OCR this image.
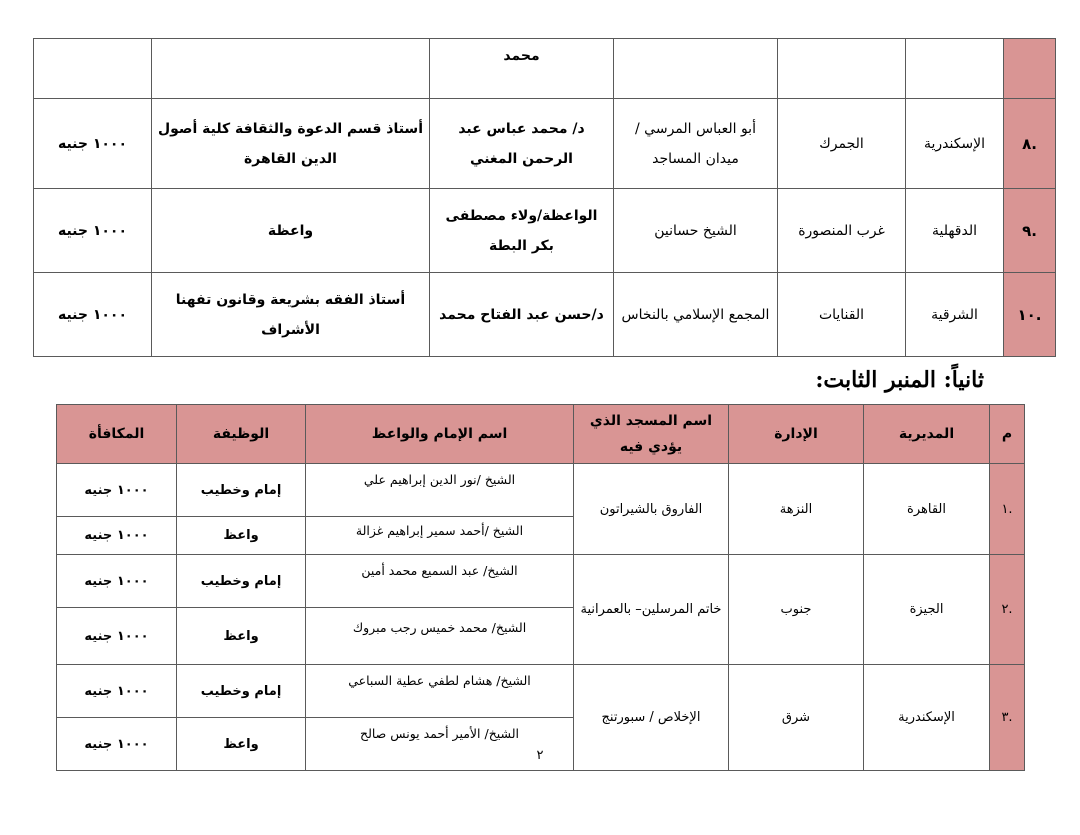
				محمد		
.٨	الإسكندرية	الجمرك	أبو العباس المرسي / ميدان المساجد	د/ محمد عباس عبد الرحمن المغني	أستاذ قسم الدعوة والثقافة كلية أصول الدين القاهرة	١٠٠٠ جنيه
.٩	الدقهلية	غرب المنصورة	الشيخ حسانين	الواعظة/ولاء مصطفى بكر البطة	واعظة	١٠٠٠ جنيه
.١٠	الشرقية	القنايات	المجمع الإسلامي بالنخاس	د/حسن عبد الفتاح محمد	أستاذ الفقه بشريعة وقانون تفهنا الأشراف	١٠٠٠ جنيه
ثانياً: المنبر الثابت:
م	المديرية	الإدارة	اسم المسجد الذي يؤدي فيه	اسم الإمام والواعظ	الوظيفة	المكافأة
.١	القاهرة	النزهة	الفاروق بالشيراتون	الشيخ /نور الدين إبراهيم علي	إمام وخطيب	١٠٠٠ جنيه
				الشيخ /أحمد سمير إبراهيم غزالة	واعظ	١٠٠٠ جنيه
.٢	الجيزة	جنوب	خاتم المرسلين– بالعمرانية	الشيخ/ عبد السميع محمد أمين	إمام وخطيب	١٠٠٠ جنيه
				الشيخ/ محمد خميس رجب مبروك	واعظ	١٠٠٠ جنيه
.٣	الإسكندرية	شرق	الإخلاص / سبورتنج	الشيخ/ هشام لطفي عطية السباعي	إمام وخطيب	١٠٠٠ جنيه
				الشيخ/ الأمير أحمد يونس صالح	واعظ	١٠٠٠ جنيه
٢
